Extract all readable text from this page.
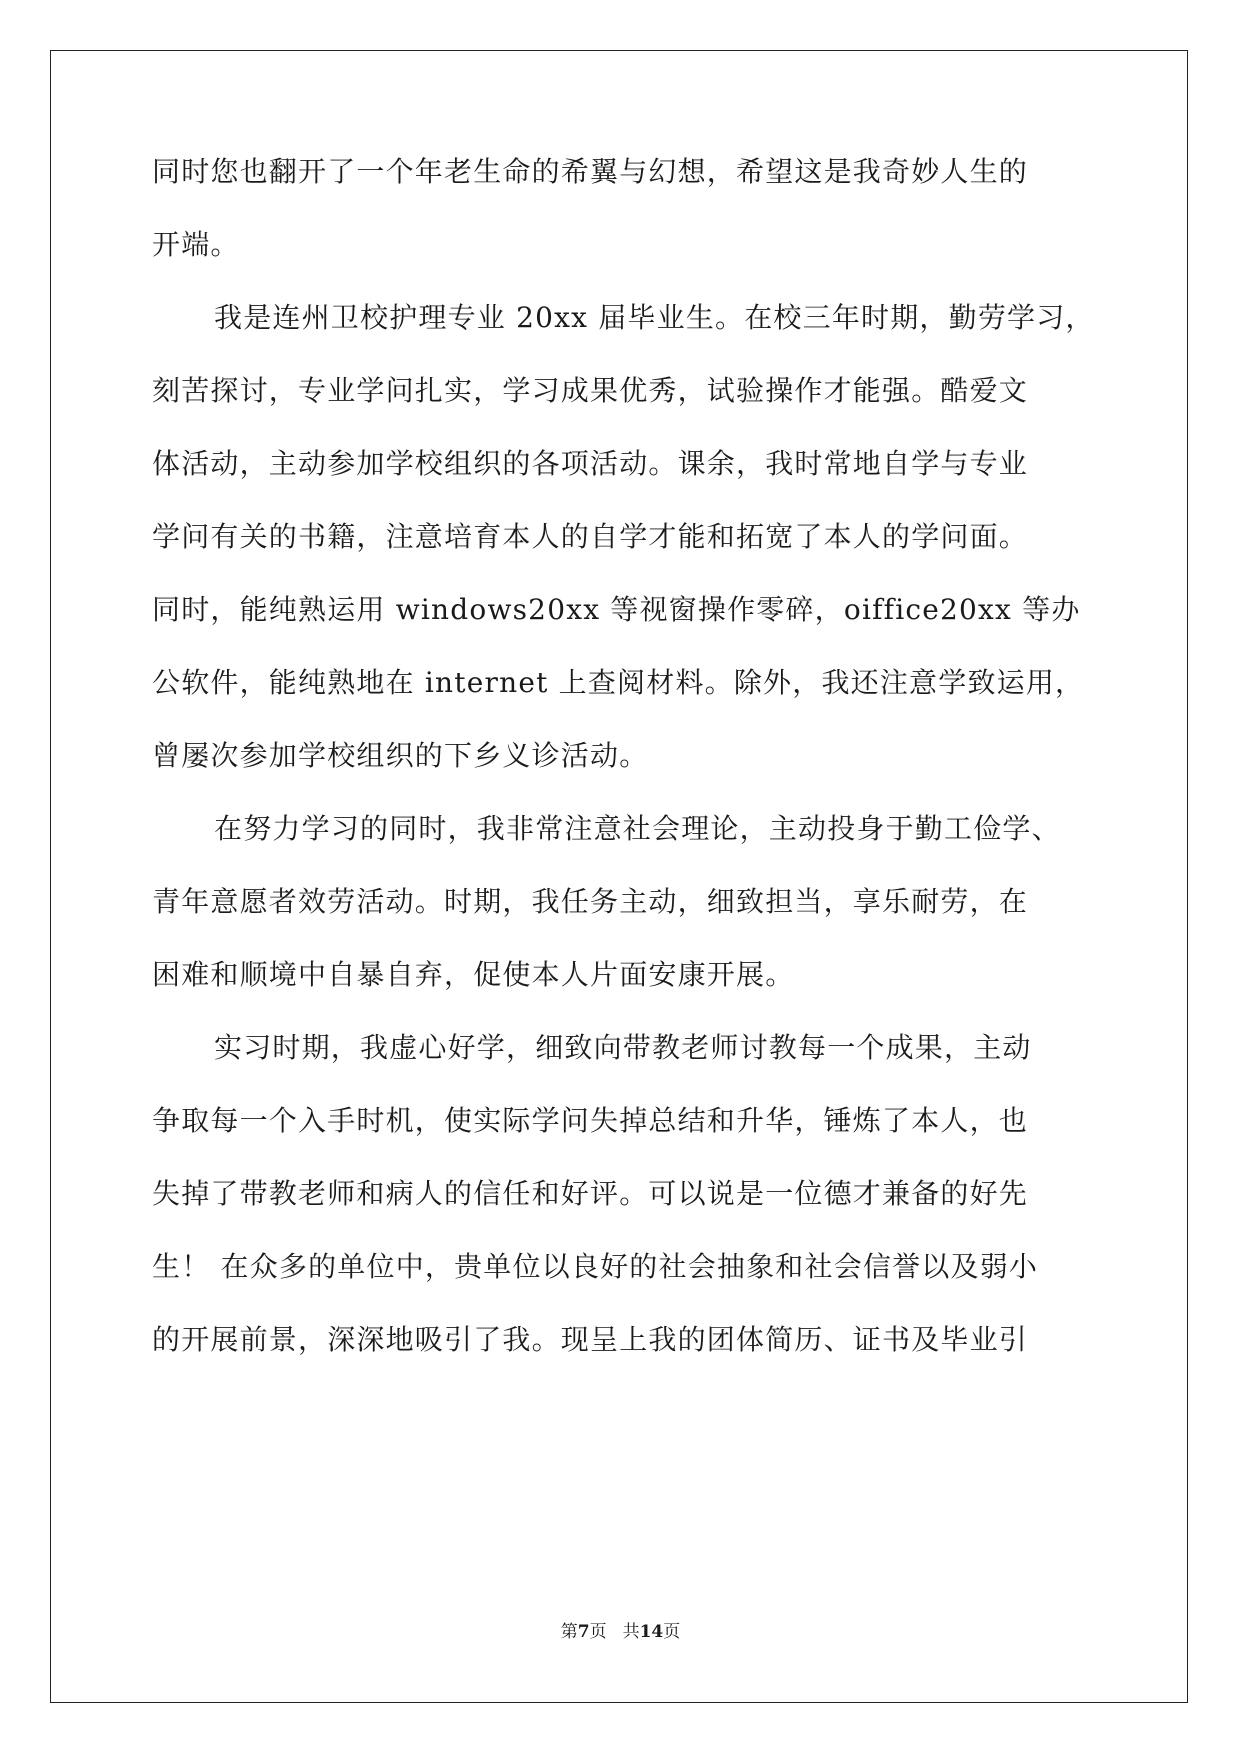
同时您也翻开了一个年老生命的希翼与幻想，希望这是我奇妙人生的
开端。
我是连州卫校护理专业 20xx 届毕业生。在校三年时期，勤劳学习，
刻苦探讨，专业学问扎实，学习成果优秀，试验操作才能强。酷爱文
体活动，主动参加学校组织的各项活动。课余，我时常地自学与专业
学问有关的书籍，注意培育本人的自学才能和拓宽了本人的学问面。
同时，能纯熟运用 windows20xx 等视窗操作零碎，oiffice20xx 等办
公软件，能纯熟地在 internet 上查阅材料。除外，我还注意学致运用，
曾屡次参加学校组织的下乡义诊活动。
在努力学习的同时，我非常注意社会理论，主动投身于勤工俭学、
青年意愿者效劳活动。时期，我任务主动，细致担当，享乐耐劳，在
困难和顺境中自暴自弃，促使本人片面安康开展。
实习时期，我虚心好学，细致向带教老师讨教每一个成果，主动
争取每一个入手时机，使实际学问失掉总结和升华，锤炼了本人，也
失掉了带教老师和病人的信任和好评。可以说是一位德才兼备的好先
生！ 在众多的单位中，贵单位以良好的社会抽象和社会信誉以及弱小
的开展前景，深深地吸引了我。现呈上我的团体简历、证书及毕业引
第7页 共14页
